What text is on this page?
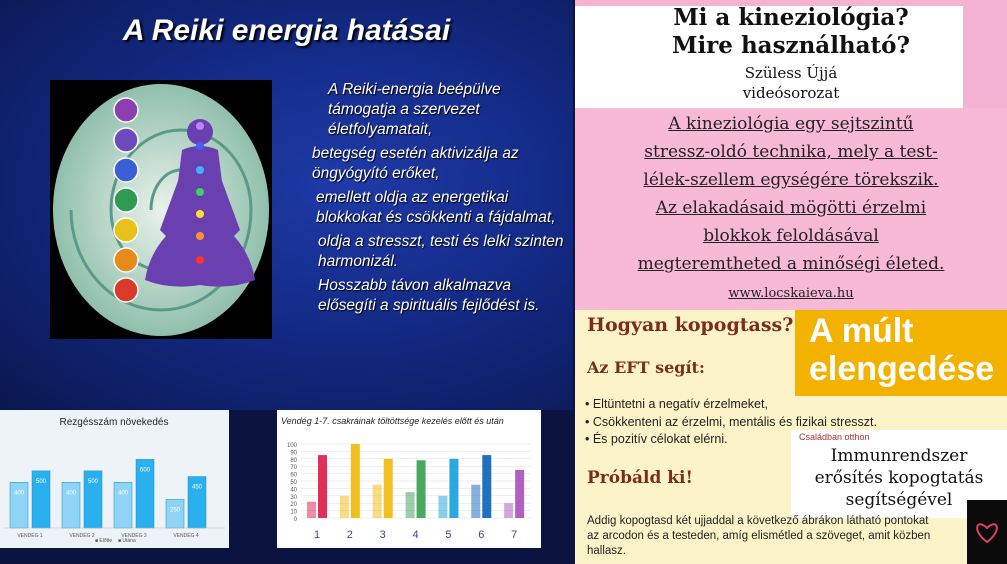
A Reiki energia hatásai

A Reiki-energia beépülve támogatja a szervezet életfolyamatait,

betegség esetén aktivizálja az öngyógyító erőket,

emellett oldja az energetikai blokkokat és csökkenti a fájdalmat,

oldja a stresszt, testi és lelki szinten harmonizál.

Hosszabb távon alkalmazva elősegíti a spirituális fejlődést is.

Rezgésszám növekedés
400
500
VENDÉG 1
400
500
VENDÉG 2
400
600
VENDÉG 3
250
450
VENDÉG 4
■ Előtte ■ Utána
Vendég 1-7. csakráinak töltöttsége kezelés előtt és után
0
10
20
30
40
50
60
70
80
90
100
1 2 3 4 5 6 7
Mi a kineziológia?
Mire használható?
Szüless Újjá
videósorozat
A kineziológia egy sejtszintű
stressz-oldó technika, mely a test-
lélek-szellem egységére törekszik.
Az elakadásaid mögötti érzelmi
blokkok feloldásával
megteremtheted a minőségi életed.
www.locskaieva.hu
A múlt
elengedése
Hogyan kopogtass?
Az EFT segít:
• Eltüntetni a negatív érzelmeket,
• Csökkenteni az érzelmi, mentális és fizikai stresszt.
• És pozitív célokat elérni.	Családban otthon
Immunrendszer
erősítés kopogtatás
segítségével
Próbáld ki!
Addig kopogtasd két ujjaddal a következő ábrákon látható pontokat az arcodon és a testeden, amíg elismétled a szöveget, amit közben hallasz.
